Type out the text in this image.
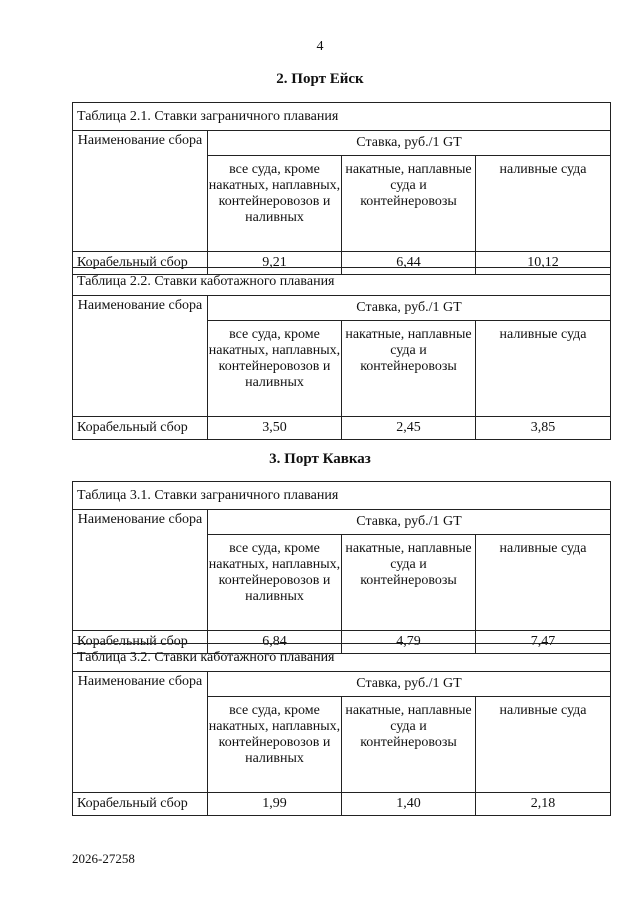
4
2. Порт Ейск
Таблица 2.1. Ставки заграничного плавания			
Наименование сбора	Ставка, руб./1 GT		
	все суда, кроме накатных, наплавных, контейнеровозов и наливных	накатные, наплавные суда и контейнеровозы	наливные суда
Корабельный сбор	9,21	6,44	10,12
Таблица 2.2. Ставки каботажного плавания			
Наименование сбора	Ставка, руб./1 GT		
	все суда, кроме накатных, наплавных, контейнеровозов и наливных	накатные, наплавные суда и контейнеровозы	наливные суда
Корабельный сбор	3,50	2,45	3,85
3. Порт Кавказ
Таблица 3.1. Ставки заграничного плавания			
Наименование сбора	Ставка, руб./1 GT		
	все суда, кроме накатных, наплавных, контейнеровозов и наливных	накатные, наплавные суда и контейнеровозы	наливные суда
Корабельный сбор	6,84	4,79	7,47
Таблица 3.2. Ставки каботажного плавания			
Наименование сбора	Ставка, руб./1 GT		
	все суда, кроме накатных, наплавных, контейнеровозов и наливных	накатные, наплавные суда и контейнеровозы	наливные суда
Корабельный сбор	1,99	1,40	2,18
2026-27258
